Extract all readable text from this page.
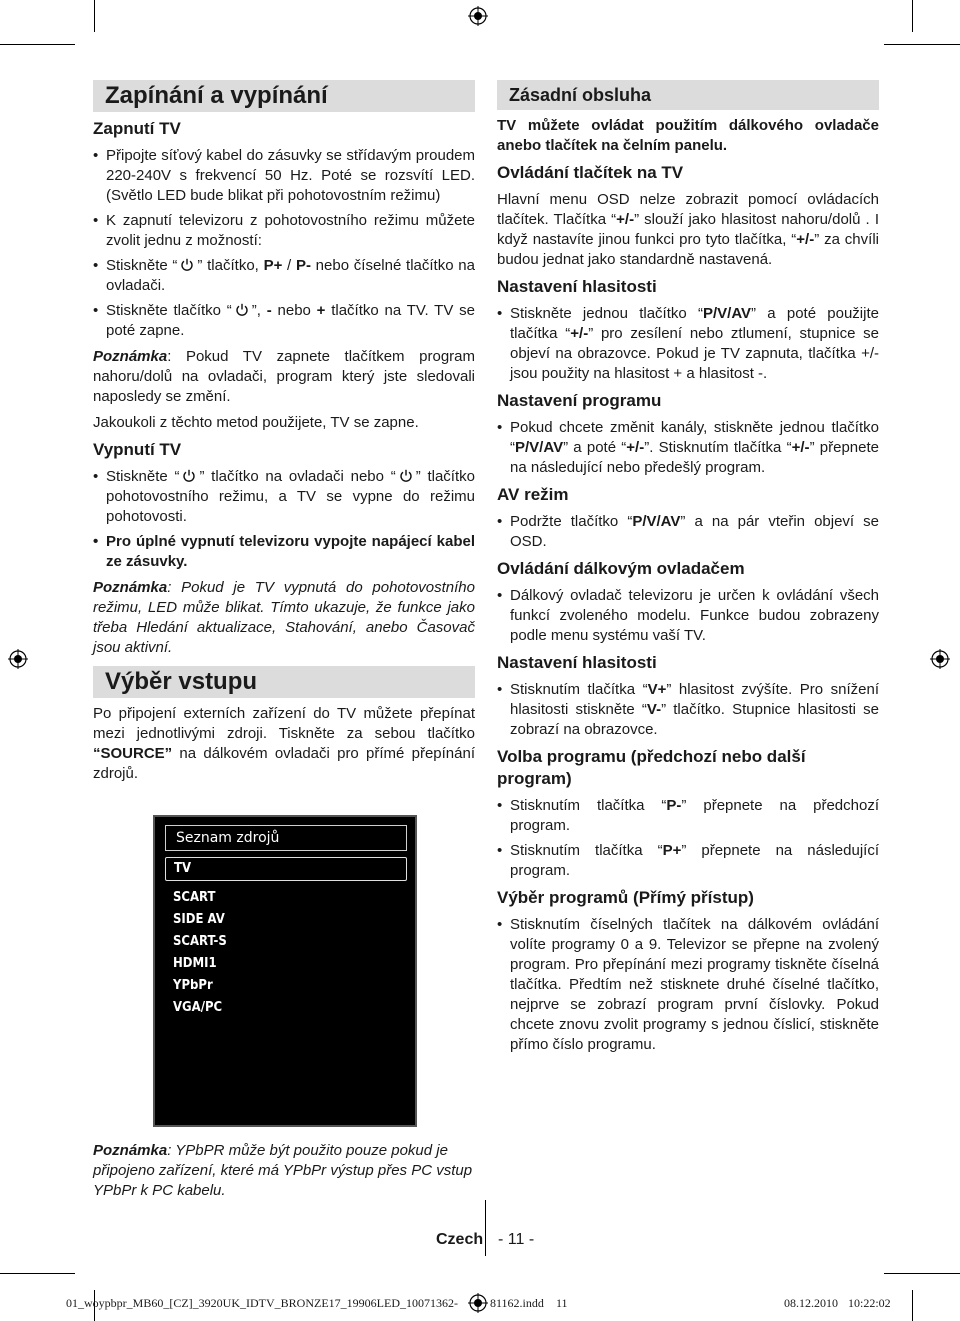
Zapínání a vypínání
Zapnutí TV
• Připojte síťový kabel do zásuvky se střídavým proudem 220-240V s frekvencí 50 Hz. Poté se rozsvítí LED. (Světlo LED bude blikat při pohotovostním režimu)
• K zapnutí televizoru z pohotovostního režimu můžete zvolit jednu z možností:
• Stiskněte “ ” tlačítko, P+ / P- nebo číselné tlačítko na ovladači.
• Stiskněte tlačítko “ ”, - nebo + tlačítko na TV. TV se poté zapne.

Poznámka: Pokud TV zapnete tlačítkem program nahoru/dolů na ovladači, program který jste sledovali naposledy se změní.

Jakoukoli z těchto metod použijete, TV se zapne.

Vypnutí TV
• Stiskněte “ ” tlačítko na ovladači nebo “ ” tlačítko pohotovostního režimu, a TV se vypne do režimu pohotovosti.
• Pro úplné vypnutí televizoru vypojte napájecí kabel ze zásuvky.

Poznámka: Pokud je TV vypnutá do pohotovostního režimu, LED může blikat. Tímto ukazuje, že funkce jako třeba Hledání aktualizace, Stahování, anebo Časovač jsou aktivní.

Výběr vstupu

Po připojení externích zařízení do TV můžete přepínat mezi jednotlivými zdroji. Tiskněte za sebou tlačítko “SOURCE” na dálkovém ovladači pro přímé přepínání zdrojů.

Seznam zdrojů
TV
SCART
SIDE AV
SCART-S
HDMI1
YPbPr
VGA/PC

Poznámka: YPbPR může být použito pouze pokud je připojeno zařízení, které má YPbPr výstup přes PC vstup YPbPr k PC kabelu.

Zásadní obsluha

TV můžete ovládat použitím dálkového ovladače anebo tlačítek na čelním panelu.

Ovládání tlačítek na TV

Hlavní menu OSD nelze zobrazit pomocí ovládacích tlačítek. Tlačítka “+/-” slouží jako hlasitost nahoru/dolů . I když nastavíte jinou funkci pro tyto tlačítka, “+/-” za chvíli budou jednat jako standardně nastavená.

Nastavení hlasitosti
• Stiskněte jednou tlačítko “P/V/AV” a poté použijte tlačítka “+/-” pro zesílení nebo ztlumení, stupnice se objeví na obrazovce. Pokud je TV zapnuta, tlačítka +/- jsou použity na hlasitost + a hlasitost -.
Nastavení programu
• Pokud chcete změnit kanály, stiskněte jednou tlačítko “P/V/AV” a poté “+/-”. Stisknutím tlačítka “+/-” přepnete na následující nebo předešlý program.
AV režim
• Podržte tlačítko “P/V/AV” a na pár vteřin objeví se OSD.
Ovládání dálkovým ovladačem
• Dálkový ovladač televizoru je určen k ovládání všech funkcí zvoleného modelu. Funkce budou zobrazeny podle menu systému vaší TV.
Nastavení hlasitosti
• Stisknutím tlačítka “V+” hlasitost zvýšíte. Pro snížení hlasitosti stiskněte “V-” tlačítko. Stupnice hlasitosti se zobrazí na obrazovce.
Volba programu (předchozí nebo další program)
• Stisknutím tlačítka “P-” přepnete na předchozí program.
• Stisknutím tlačítka “P+” přepnete na následující program.
Výběr programů (Přímý přístup)
• Stisknutím číselných tlačítek na dálkovém ovládání volíte programy 0 a 9. Televizor se přepne na zvolený program. Pro přepínání mezi programy tiskněte číselná tlačítka. Předtím než stisknete druhé číselné tlačítko, nejprve se zobrazí program první číslovky. Pokud chcete znovu zvolit programy s jednou číslicí, stiskněte přímo číslo programu.
Czech - 11 -
01_woypbpr_MB60_[CZ]_3920UK_IDTV_BRONZE17_19906LED_10071362-	81162.indd 11	08.12.2010 10:22:02
